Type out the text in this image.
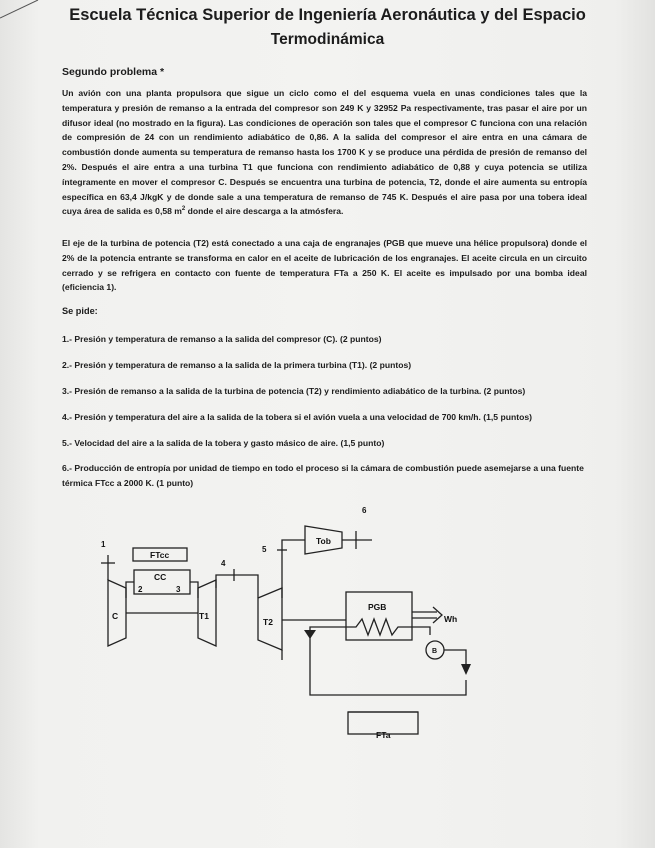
Escuela Técnica Superior de Ingeniería Aeronáutica y del Espacio
Termodinámica
Segundo problema *

Un avión con una planta propulsora que sigue un ciclo como el del esquema vuela en unas condiciones tales que la temperatura y presión de remanso a la entrada del compresor son 249 K y 32952 Pa respectivamente, tras pasar el aire por un difusor ideal (no mostrado en la figura). Las condiciones de operación son tales que el compresor C funciona con una relación de compresión de 24 con un rendimiento adiabático de 0,86. A la salida del compresor el aire entra en una cámara de combustión donde aumenta su temperatura de remanso hasta los 1700 K y se produce una pérdida de presión de remanso del 2%. Después el aire entra a una turbina T1 que funciona con rendimiento adiabático de 0,88 y cuya potencia se utiliza íntegramente en mover el compresor C. Después se encuentra una turbina de potencia, T2, donde el aire aumenta su entropía específica en 63,4 J/kgK y de donde sale a una temperatura de remanso de 745 K. Después el aire pasa por una tobera ideal cuya área de salida es 0,58 $m^2$ donde el aire descarga a la atmósfera.

El eje de la turbina de potencia (T2) está conectado a una caja de engranajes (PGB que mueve una hélice propulsora) donde el 2% de la potencia entrante se transforma en calor en el aceite de lubricación de los engranajes. El aceite circula en un circuito cerrado y se refrigera en contacto con fuente de temperatura FTa a 250 K. El aceite es impulsado por una bomba ideal (eficiencia 1).

Se pide:

1.- Presión y temperatura de remanso a la salida del compresor (C). (2 puntos)

2.- Presión y temperatura de remanso a la salida de la primera turbina (T1). (2 puntos)

3.- Presión de remanso a la salida de la turbina de potencia (T2) y rendimiento adiabático de la turbina. (2 puntos)

4.- Presión y temperatura del aire a la salida de la tobera si el avión vuela a una velocidad de 700 km/h. (1,5 puntos)

5.- Velocidad del aire a la salida de la tobera y gasto másico de aire. (1,5 punto)

6.- Producción de entropía por unidad de tiempo en todo el proceso si la cámara de combustión puede asemejarse a una fuente térmica FTcc a 2000 K. (1 punto)

1
2	3
4
5
6
C	T1
T2
CC
FTcc
Tob
PGB
Wh
B
FTa
